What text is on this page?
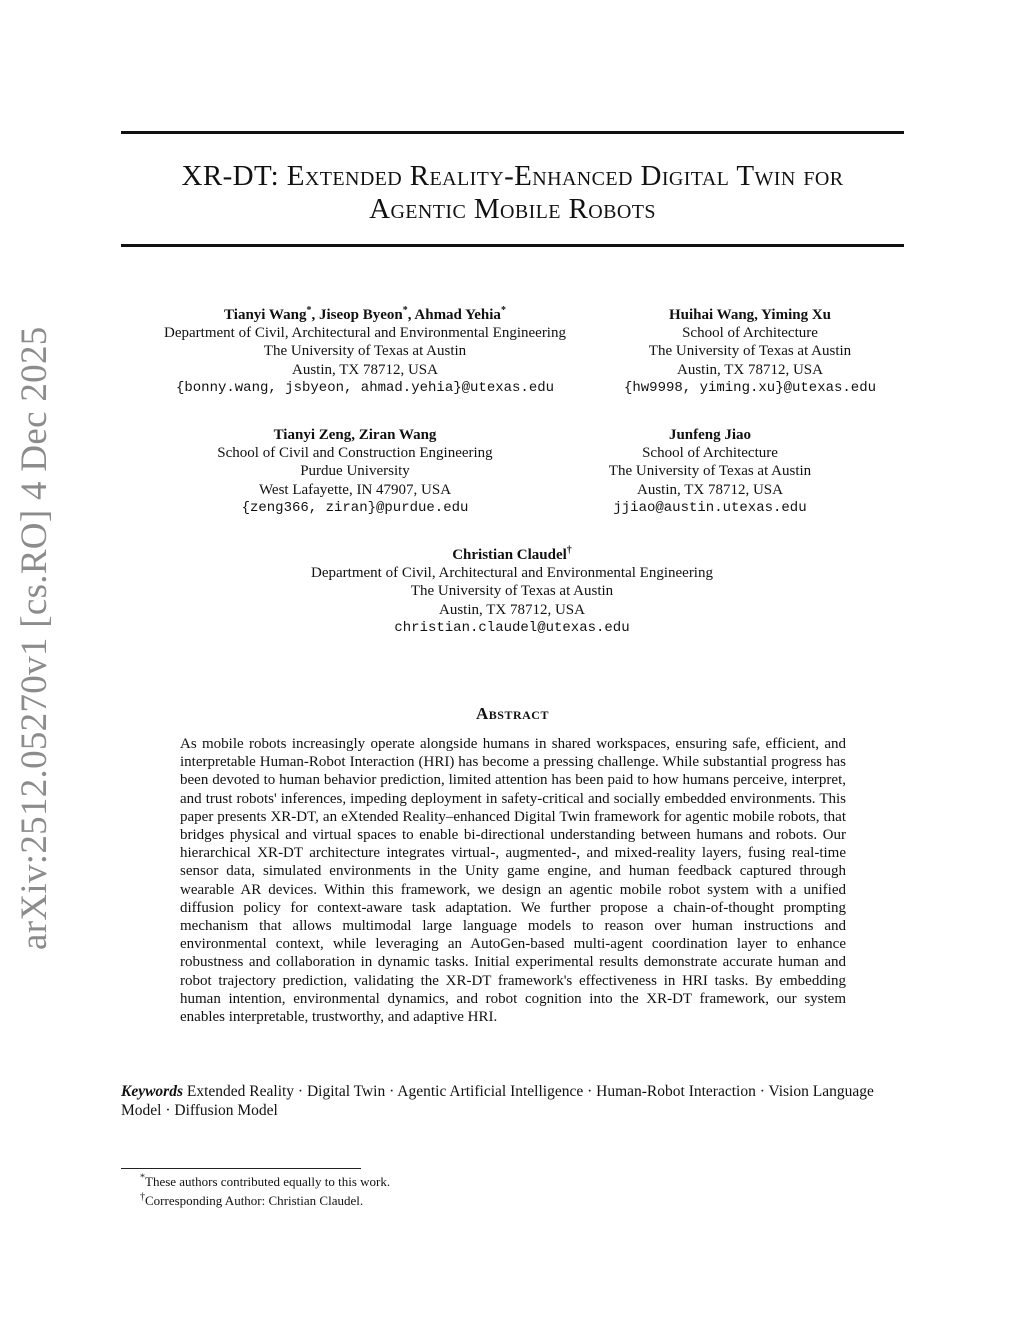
arXiv:2512.05270v1 [cs.RO] 4 Dec 2025
XR-DT: Extended Reality-Enhanced Digital Twin for
Agentic Mobile Robots
Tianyi Wang*, Jiseop Byeon*, Ahmad Yehia*
Department of Civil, Architectural and Environmental Engineering
The University of Texas at Austin
Austin, TX 78712, USA
{bonny.wang, jsbyeon, ahmad.yehia}@utexas.edu
Huihai Wang, Yiming Xu
School of Architecture
The University of Texas at Austin
Austin, TX 78712, USA
{hw9998, yiming.xu}@utexas.edu
Tianyi Zeng, Ziran Wang
School of Civil and Construction Engineering
Purdue University
West Lafayette, IN 47907, USA
{zeng366, ziran}@purdue.edu
Junfeng Jiao
School of Architecture
The University of Texas at Austin
Austin, TX 78712, USA
jjiao@austin.utexas.edu
Christian Claudel†
Department of Civil, Architectural and Environmental Engineering
The University of Texas at Austin
Austin, TX 78712, USA
christian.claudel@utexas.edu
Abstract
As mobile robots increasingly operate alongside humans in shared workspaces, ensuring safe, efficient, and interpretable Human-Robot Interaction (HRI) has become a pressing challenge. While substantial progress has been devoted to human behavior prediction, limited attention has been paid to how humans perceive, interpret, and trust robots' inferences, impeding deployment in safety-critical and socially embedded environments. This paper presents XR-DT, an eXtended Reality–enhanced Digital Twin framework for agentic mobile robots, that bridges physical and virtual spaces to enable bi-directional understanding between humans and robots. Our hierarchical XR-DT architecture integrates virtual-, augmented-, and mixed-reality layers, fusing real-time sensor data, simulated environments in the Unity game engine, and human feedback captured through wearable AR devices. Within this framework, we design an agentic mobile robot system with a unified diffusion policy for context-aware task adaptation. We further propose a chain-of-thought prompting mechanism that allows multimodal large language models to reason over human instructions and environmental context, while leveraging an AutoGen-based multi-agent coordination layer to enhance robustness and collaboration in dynamic tasks. Initial experimental results demonstrate accurate human and robot trajectory prediction, validating the XR-DT framework's effectiveness in HRI tasks. By embedding human intention, environmental dynamics, and robot cognition into the XR-DT framework, our system enables interpretable, trustworthy, and adaptive HRI.
Keywords Extended Reality · Digital Twin · Agentic Artificial Intelligence · Human-Robot Interaction · Vision Language Model · Diffusion Model
*These authors contributed equally to this work.
†Corresponding Author: Christian Claudel.
